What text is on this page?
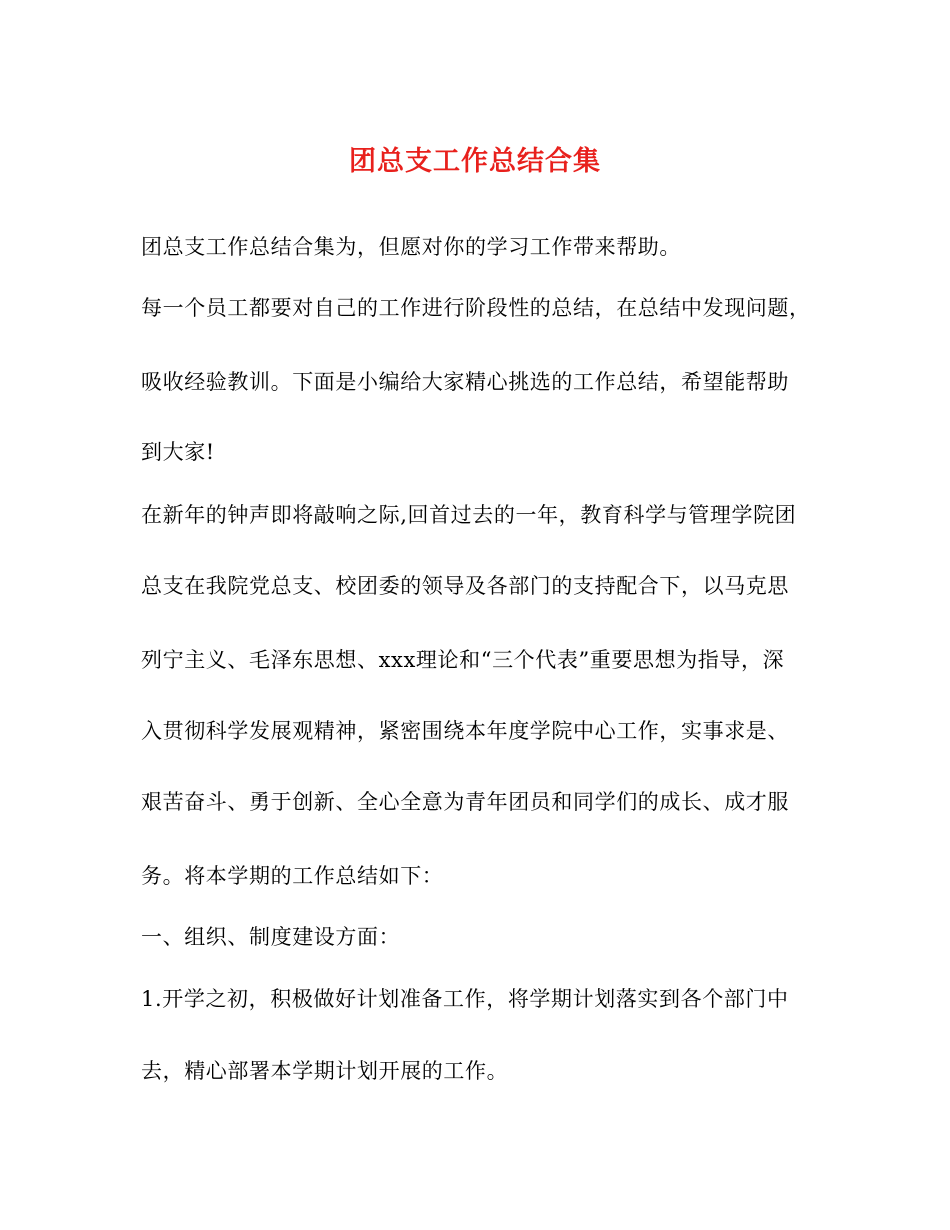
团总支工作总结合集
团总支工作总结合集为，但愿对你的学习工作带来帮助。
每一个员工都要对自己的工作进行阶段性的总结，在总结中发现问题，
吸收经验教训。下面是小编给大家精心挑选的工作总结，希望能帮助
到大家!
在新年的钟声即将敲响之际,回首过去的一年，教育科学与管理学院团
总支在我院党总支、校团委的领导及各部门的支持配合下，以马克思
列宁主义、毛泽东思想、xxx理论和“三个代表”重要思想为指导，深
入贯彻科学发展观精神，紧密围绕本年度学院中心工作，实事求是、
艰苦奋斗、勇于创新、全心全意为青年团员和同学们的成长、成才服
务。将本学期的工作总结如下：
一、组织、制度建设方面：
1.开学之初，积极做好计划准备工作，将学期计划落实到各个部门中
去，精心部署本学期计划开展的工作。
